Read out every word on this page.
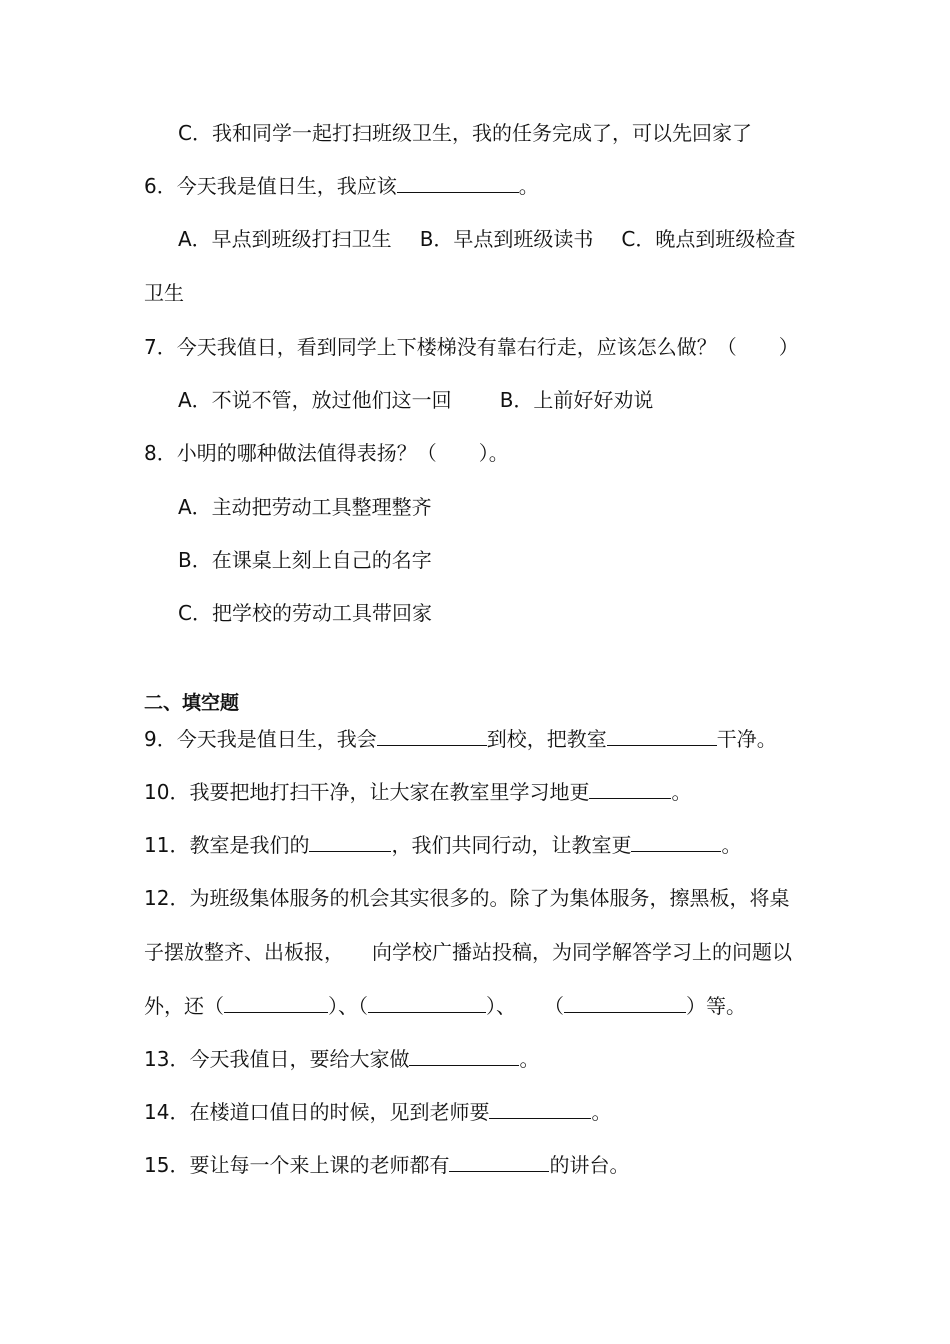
C．我和同学一起打扫班级卫生，我的任务完成了，可以先回家了
6．今天我是值日生，我应该	。
A．早点到班级打扫卫生 B．早点到班级读书 C．晚点到班级检查
卫生
7．今天我值日，看到同学上下楼梯没有靠右行走，应该怎么做？（ ）
A．不说不管，放过他们这一回 B．上前好好劝说
8．小明的哪种做法值得表扬？（ ）。
A．主动把劳动工具整理整齐
B．在课桌上刻上自己的名字
C．把学校的劳动工具带回家
二、填空题
9．今天我是值日生，我会	到校，把教室	干净。
10．我要把地打扫干净，让大家在教室里学习地更	。
11．教室是我们的	，我们共同行动，让教室更	。
12．为班级集体服务的机会其实很多的。除了为集体服务，擦黑板，将桌
子摆放整齐、出板报， 向学校广播站投稿，为同学解答学习上的问题以
外，还（	）、（	）、 （	）等。
13．今天我值日，要给大家做	。
14．在楼道口值日的时候，见到老师要	。
15．要让每一个来上课的老师都有	的讲台。
